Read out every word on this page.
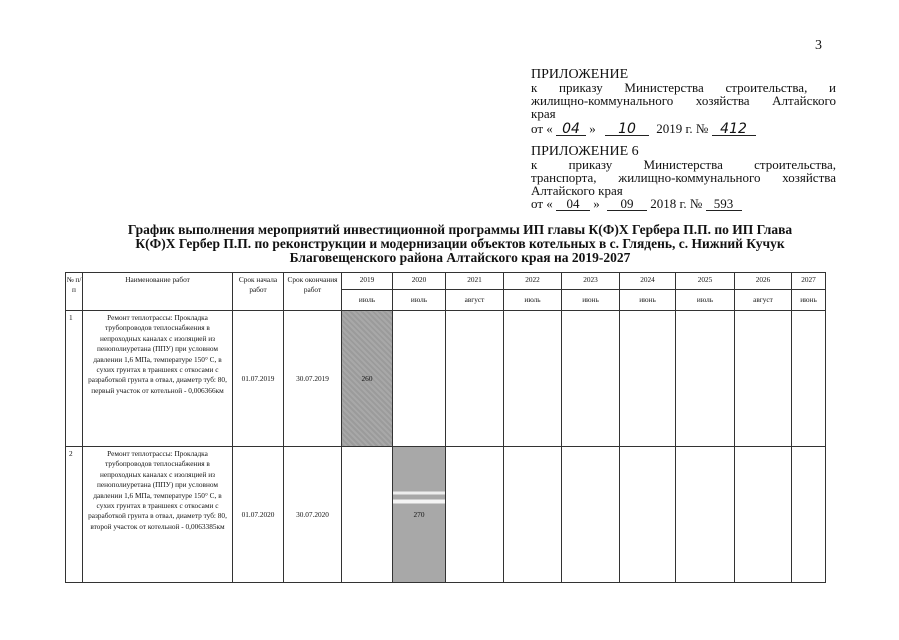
3
ПРИЛОЖЕНИЕ
к приказу Министерства строительства, и
жилищно-коммунального хозяйства Алтайского
края
от « 04 » 10 2019 г. № 412
ПРИЛОЖЕНИЕ 6
к приказу Министерства строительства,
транспорта, жилищно-коммунального хозяйства
Алтайского края
от « 04 » 09 2018 г. № 593
График выполнения мероприятий инвестиционной программы ИП главы К(Ф)Х Гербера П.П. по ИП Глава
К(Ф)Х Гербер П.П. по реконструкции и модернизации объектов котельных в с. Глядень, с. Нижний Кучук
Благовещенского района Алтайского края на 2019-2027
№ п/п	Наименование работ	Срок начала работ	Срок окончания работ	2019	2020	2021	2022	2023	2024	2025	2026	2027
				июль	июль	август	июль	июнь	июнь	июль	август	июнь
1	Ремонт теплотрассы: Прокладка трубопроводов теплоснабжения в непроходных каналах с изоляцией из пенополиуретана (ППУ) при условном давлении 1,6 МПа, температуре 150° С, в сухих грунтах в траншеях с откосами с разработкой грунта в отвал, диаметр туб: 80, первый участок от котельной - 0,006366км	01.07.2019	30.07.2019	260								
2	Ремонт теплотрассы: Прокладка трубопроводов теплоснабжения в непроходных каналах с изоляцией из пенополиуретана (ППУ) при условном давлении 1,6 МПа, температуре 150° С, в сухих грунтах в траншеях с откосами с разработкой грунта в отвал, диаметр туб: 80, второй участок от котельной - 0,0063385км	01.07.2020	30.07.2020		270							
